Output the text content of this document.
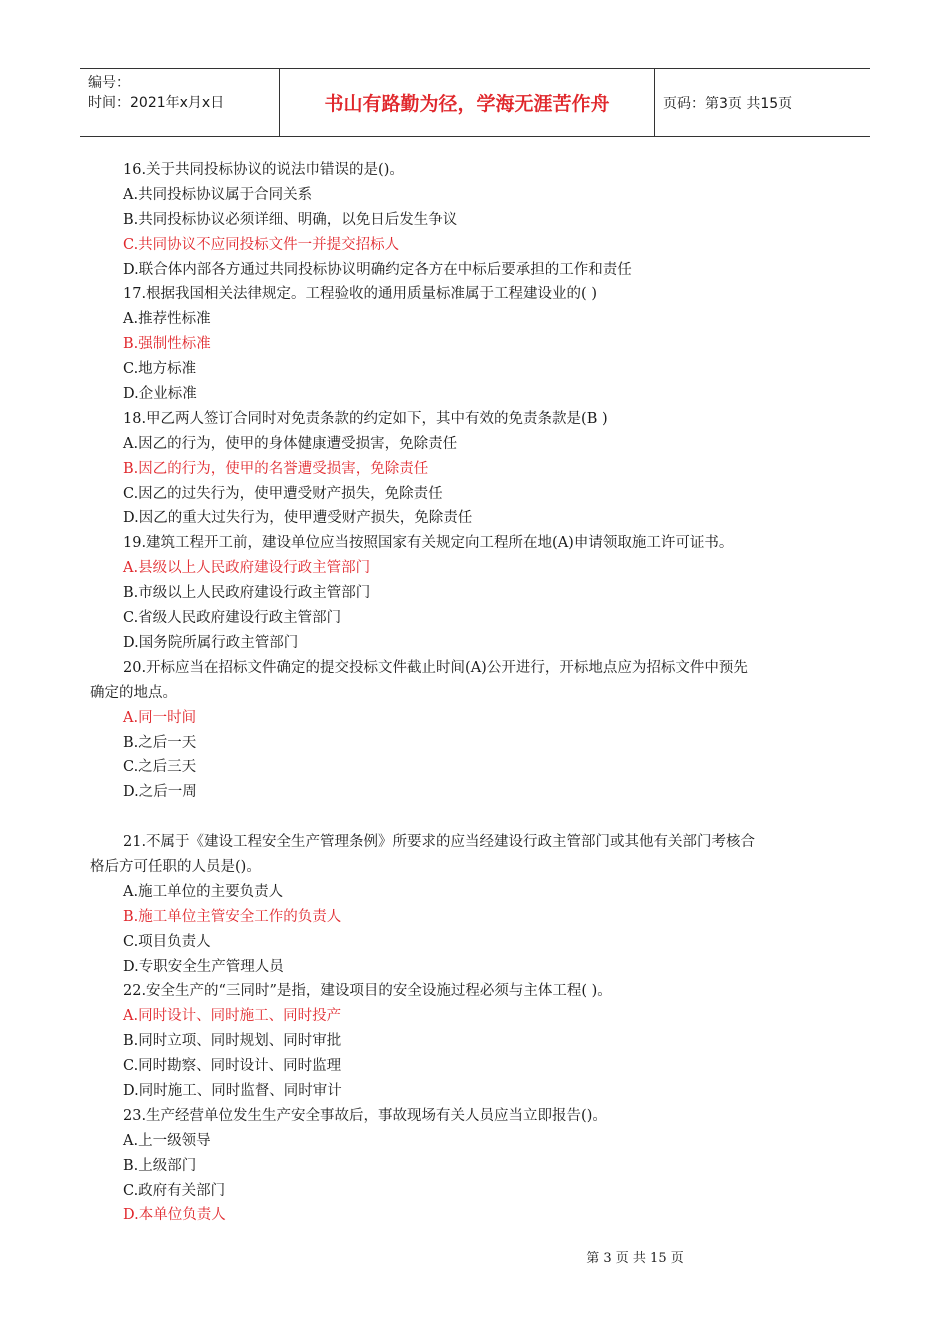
编号：
时间：2021年x月x日	书山有路勤为径，学海无涯苦作舟	页码：第3页 共15页
16.关于共同投标协议的说法巾错误的是()。
A.共同投标协议属于合同关系
B.共同投标协议必须详细、明确，以免日后发生争议
C.共同协议不应同投标文件一并提交招标人
D.联合体内部各方通过共同投标协议明确约定各方在中标后要承担的工作和责任
17.根据我国相关法律规定。工程验收的通用质量标准属于工程建设业的( )
A.推荐性标准
B.强制性标准
C.地方标准
D.企业标准
18.甲乙两人签订合同时对免责条款的约定如下，其中有效的免责条款是(B )
A.因乙的行为，使甲的身体健康遭受损害，免除责任
B.因乙的行为，使甲的名誉遭受损害，免除责任
C.因乙的过失行为，使甲遭受财产损失，免除责任
D.因乙的重大过失行为，使甲遭受财产损失，免除责任
19.建筑工程开工前，建设单位应当按照国家有关规定向工程所在地(A)申请领取施工许可证书。
A.县级以上人民政府建设行政主管部门
B.市级以上人民政府建设行政主管部门
C.省级人民政府建设行政主管部门
D.国务院所属行政主管部门
20.开标应当在招标文件确定的提交投标文件截止时间(A)公开进行，开标地点应为招标文件中预先
确定的地点。
A.同一时间
B.之后一天
C.之后三天
D.之后一周
21.不属于《建设工程安全生产管理条例》所要求的应当经建设行政主管部门或其他有关部门考核合
格后方可任职的人员是()。
A.施工单位的主要负责人
B.施工单位主管安全工作的负责人
C.项目负责人
D.专职安全生产管理人员
22.安全生产的“三同时”是指，建设项目的安全设施过程必须与主体工程( )。
A.同时设计、同时施工、同时投产
B.同时立项、同时规划、同时审批
C.同时勘察、同时设计、同时监理
D.同时施工、同时监督、同时审计
23.生产经营单位发生生产安全事故后，事故现场有关人员应当立即报告()。
A.上一级领导
B.上级部门
C.政府有关部门
D.本单位负责人
第 3 页 共 15 页
